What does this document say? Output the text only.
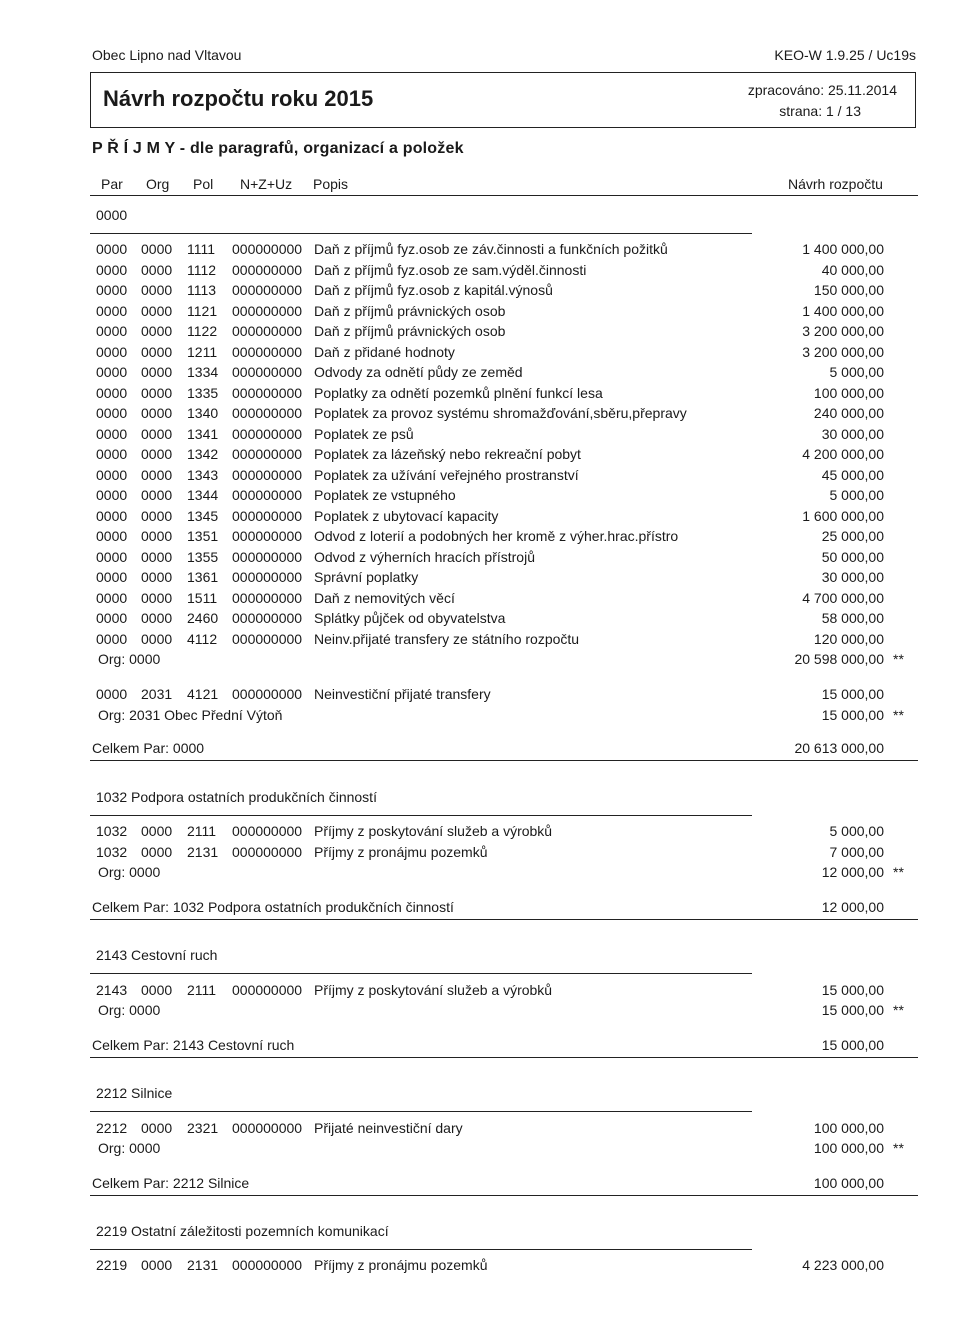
Obec Lipno nad Vltavou	KEO-W 1.9.25 / Uc19s
Návrh rozpočtu roku 2015	zpracováno: 25.11.2014
strana: 1 / 13
P Ř Í J M Y - dle paragrafů, organizací a položek
Par Org Pol N+Z+Uz Popis	Návrh rozpočtu
0000
0000 0000 1111 000000000 Daň z příjmů fyz.osob ze záv.činnosti a funkčních požitků	1 400 000,00
0000 0000 1112 000000000 Daň z příjmů fyz.osob ze sam.výděl.činnosti	40 000,00
0000 0000 1113 000000000 Daň z příjmů fyz.osob z kapitál.výnosů	150 000,00
0000 0000 1121 000000000 Daň z příjmů právnických osob	1 400 000,00
0000 0000 1122 000000000 Daň z příjmů právnických osob	3 200 000,00
0000 0000 1211 000000000 Daň z přidané hodnoty	3 200 000,00
0000 0000 1334 000000000 Odvody za odnětí půdy ze zeměd	5 000,00
0000 0000 1335 000000000 Poplatky za odnětí pozemků plnění funkcí lesa	100 000,00
0000 0000 1340 000000000 Poplatek za provoz systému shromažďování,sběru,přepravy	240 000,00
0000 0000 1341 000000000 Poplatek ze psů	30 000,00
0000 0000 1342 000000000 Poplatek za lázeňský nebo rekreační pobyt	4 200 000,00
0000 0000 1343 000000000 Poplatek za užívání veřejného prostranství	45 000,00
0000 0000 1344 000000000 Poplatek ze vstupného	5 000,00
0000 0000 1345 000000000 Poplatek z ubytovací kapacity	1 600 000,00
0000 0000 1351 000000000 Odvod z loterií a podobných her kromě z výher.hrac.přístro	25 000,00
0000 0000 1355 000000000 Odvod z výherních hracích přístrojů	50 000,00
0000 0000 1361 000000000 Správní poplatky	30 000,00
0000 0000 1511 000000000 Daň z nemovitých věcí	4 700 000,00
0000 0000 2460 000000000 Splátky půjček od obyvatelstva	58 000,00
0000 0000 4112 000000000 Neinv.přijaté transfery ze státního rozpočtu	120 000,00
Org: 0000	20 598 000,00 **
0000 2031 4121 000000000 Neinvestiční přijaté transfery	15 000,00
Org: 2031 Obec Přední Výtoň	15 000,00 **
Celkem Par: 0000	20 613 000,00
1032 Podpora ostatních produkčních činností
1032 0000 2111 000000000 Příjmy z poskytování služeb a výrobků	5 000,00
1032 0000 2131 000000000 Příjmy z pronájmu pozemků	7 000,00
Org: 0000	12 000,00 **
Celkem Par: 1032 Podpora ostatních produkčních činností	12 000,00
2143 Cestovní ruch
2143 0000 2111 000000000 Příjmy z poskytování služeb a výrobků	15 000,00
Org: 0000	15 000,00 **
Celkem Par: 2143 Cestovní ruch	15 000,00
2212 Silnice
2212 0000 2321 000000000 Přijaté neinvestiční dary	100 000,00
Org: 0000	100 000,00 **
Celkem Par: 2212 Silnice	100 000,00
2219 Ostatní záležitosti pozemních komunikací
2219 0000 2131 000000000 Příjmy z pronájmu pozemků	4 223 000,00
